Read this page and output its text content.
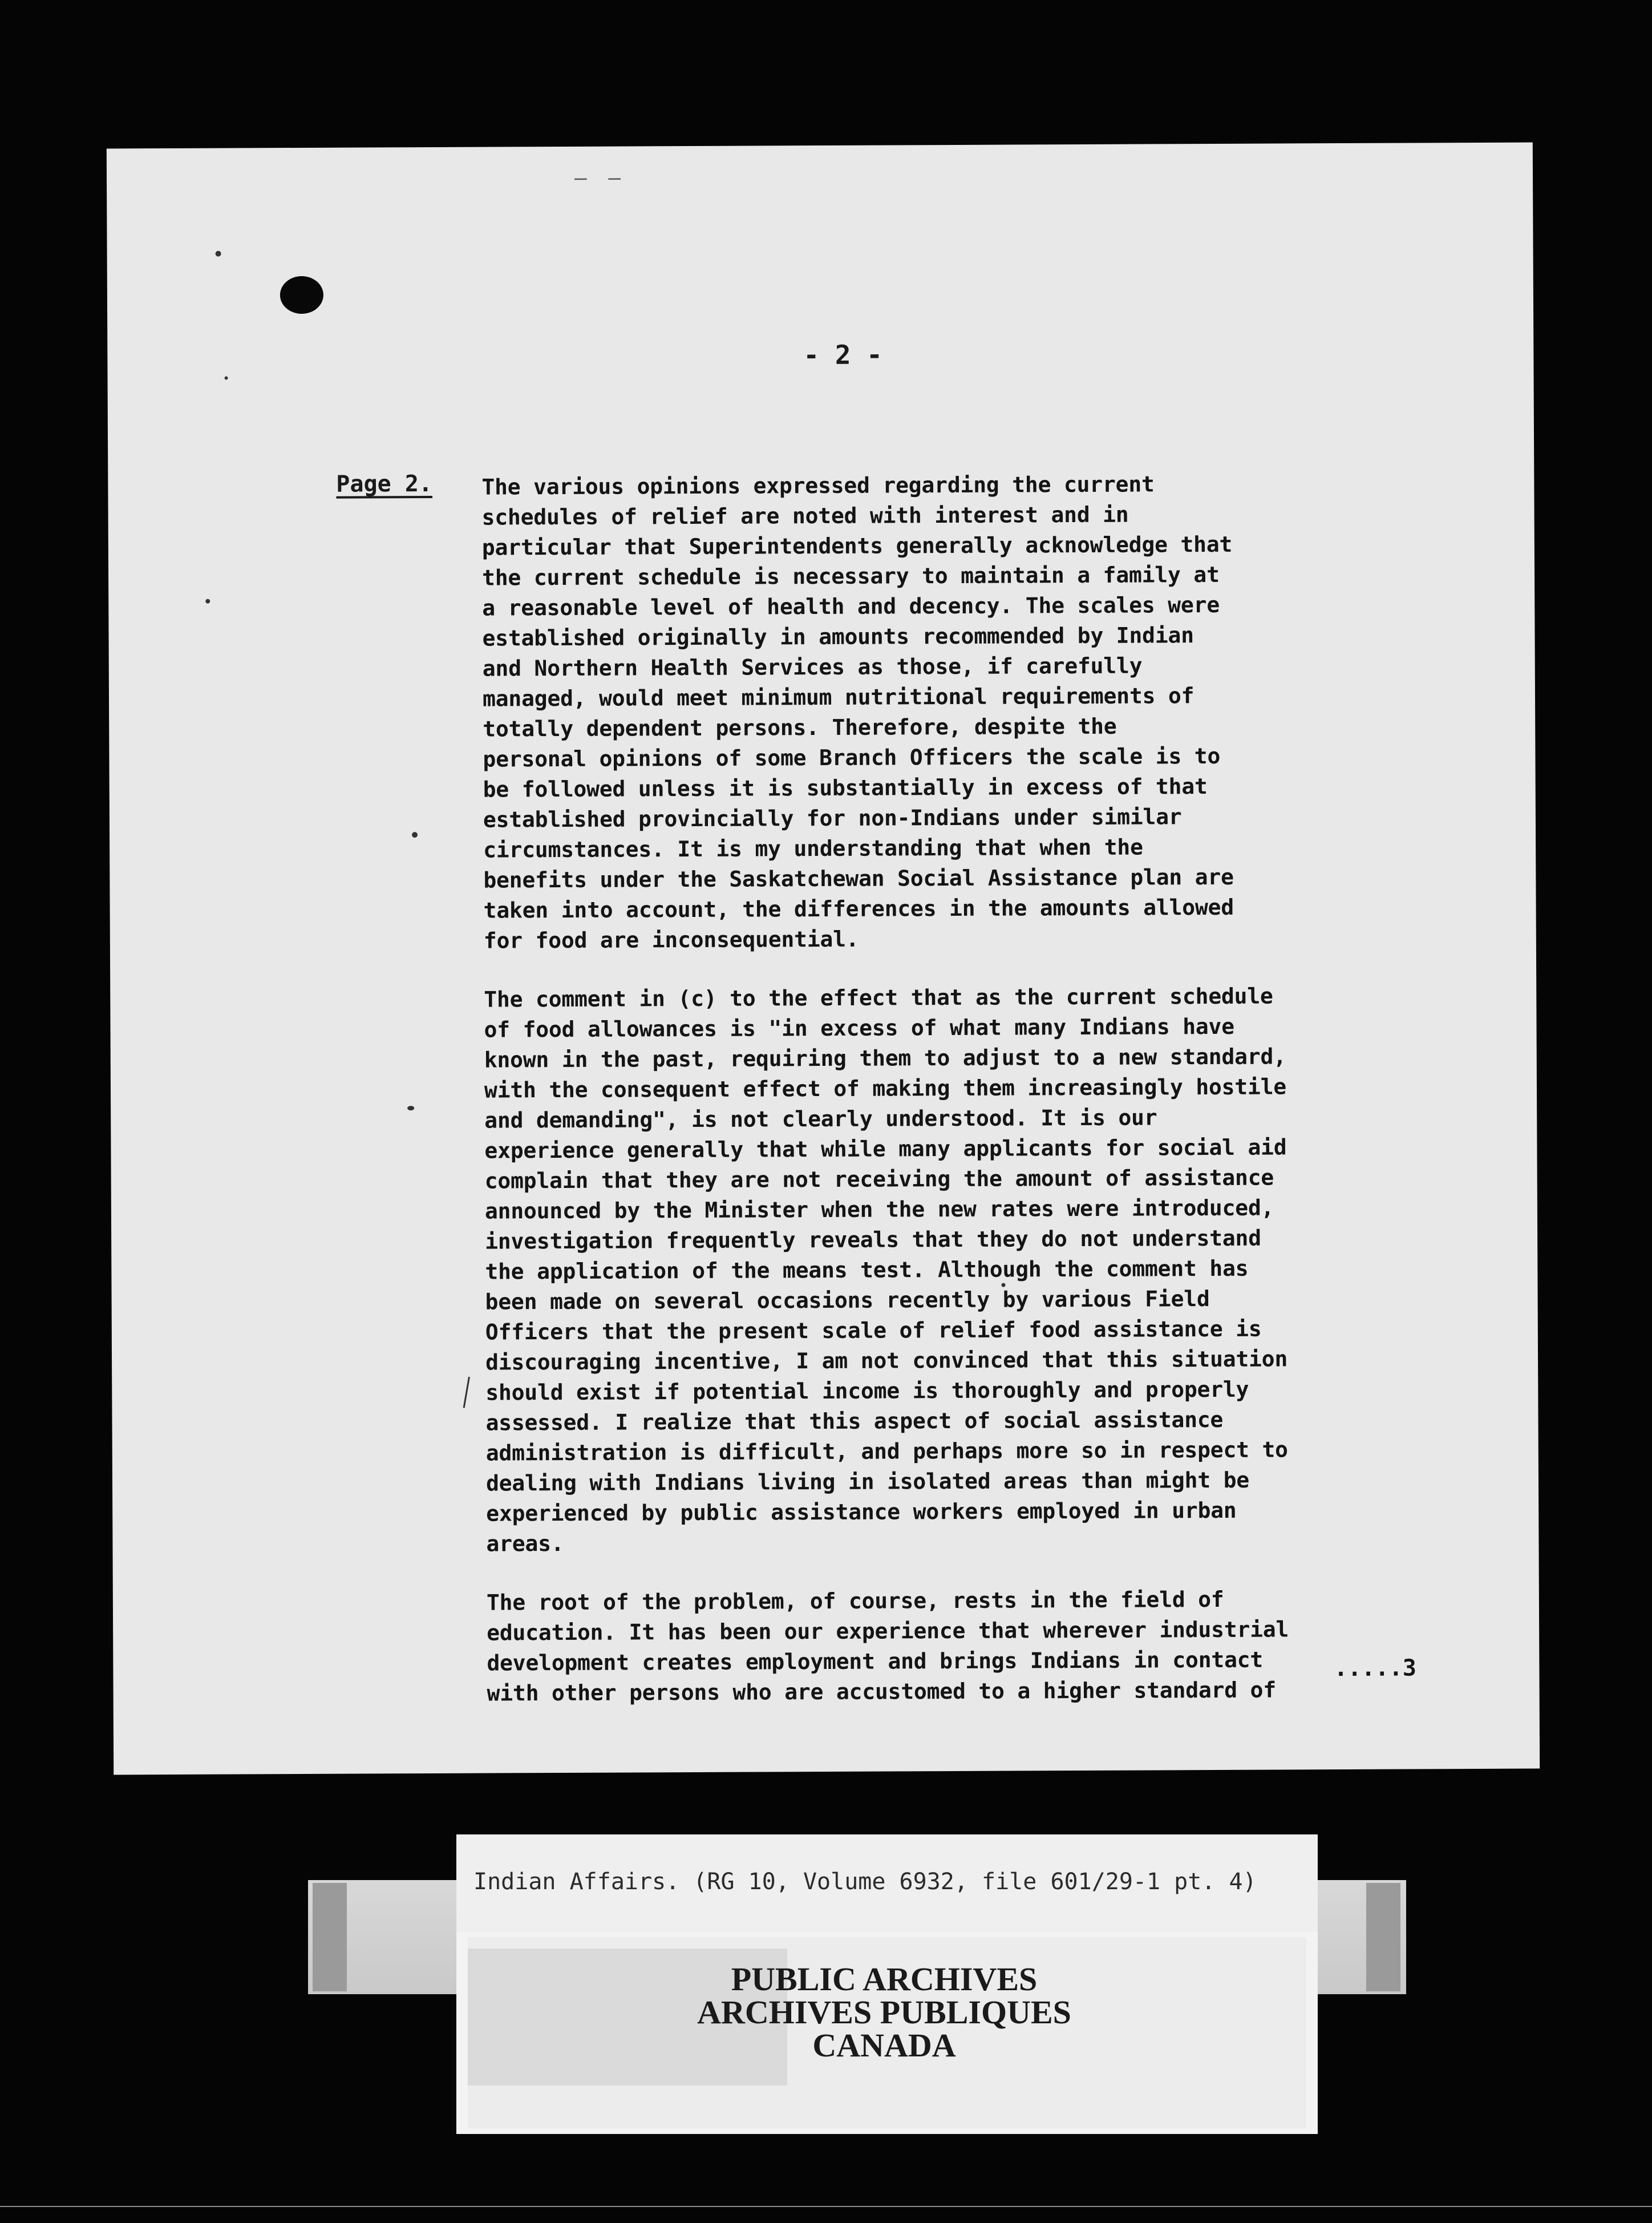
— —
- 2 -
Page 2. The various opinions expressed regarding the current
schedules of relief are noted with interest and in
particular that Superintendents generally acknowledge that
the current schedule is necessary to maintain a family at
a reasonable level of health and decency. The scales were
established originally in amounts recommended by Indian
and Northern Health Services as those, if carefully
managed, would meet minimum nutritional requirements of
totally dependent persons. Therefore, despite the
personal opinions of some Branch Officers the scale is to
be followed unless it is substantially in excess of that
established provincially for non-Indians under similar
circumstances. It is my understanding that when the
benefits under the Saskatchewan Social Assistance plan are
taken into account, the differences in the amounts allowed
for food are inconsequential.
The comment in (c) to the effect that as the current schedule
of food allowances is "in excess of what many Indians have
known in the past, requiring them to adjust to a new standard,
with the consequent effect of making them increasingly hostile
and demanding", is not clearly understood. It is our
experience generally that while many applicants for social aid
complain that they are not receiving the amount of assistance
announced by the Minister when the new rates were introduced,
investigation frequently reveals that they do not understand
the application of the means test. Although the comment has
been made on several occasions recently by various Field
Officers that the present scale of relief food assistance is
discouraging incentive, I am not convinced that this situation
should exist if potential income is thoroughly and properly
assessed. I realize that this aspect of social assistance
administration is difficult, and perhaps more so in respect to
dealing with Indians living in isolated areas than might be
experienced by public assistance workers employed in urban
areas.
The root of the problem, of course, rests in the field of
education. It has been our experience that wherever industrial
development creates employment and brings Indians in contact
with other persons who are accustomed to a higher standard of
.....3
Indian Affairs. (RG 10, Volume 6932, file 601/29-1 pt. 4)
PUBLIC ARCHIVES
ARCHIVES PUBLIQUES
CANADA
